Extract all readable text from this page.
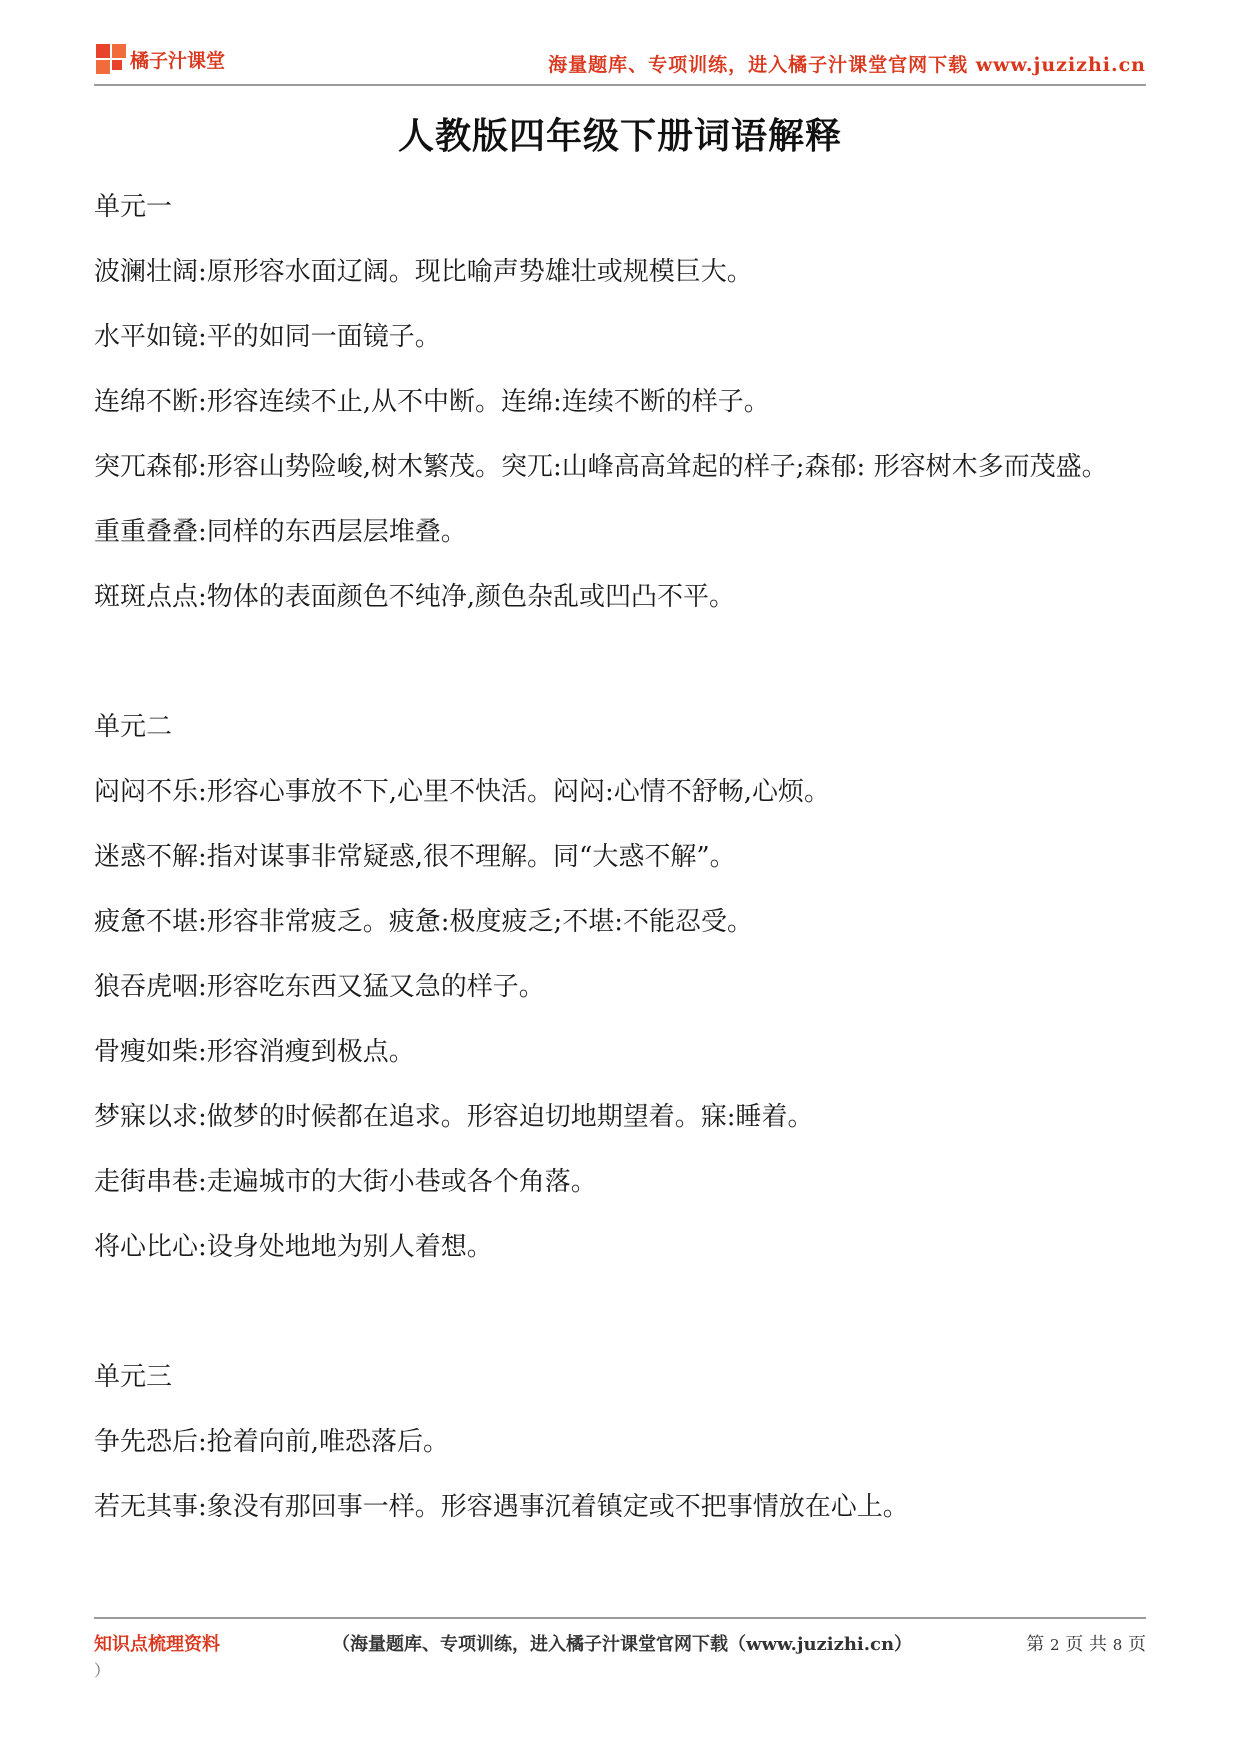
橘子汁课堂	海量题库、专项训练，进入橘子汁课堂官网下载 www.juzizhi.cn
人教版四年级下册词语解释

单元一

波澜壮阔:原形容水面辽阔。现比喻声势雄壮或规模巨大。

水平如镜:平的如同一面镜子。

连绵不断:形容连续不止,从不中断。连绵:连续不断的样子。

突兀森郁:形容山势险峻,树木繁茂。突兀:山峰高高耸起的样子;森郁: 形容树木多而茂盛。

重重叠叠:同样的东西层层堆叠。

斑斑点点:物体的表面颜色不纯净,颜色杂乱或凹凸不平。

单元二

闷闷不乐:形容心事放不下,心里不快活。闷闷:心情不舒畅,心烦。

迷惑不解:指对谋事非常疑惑,很不理解。同“大惑不解”。

疲惫不堪:形容非常疲乏。疲惫:极度疲乏;不堪:不能忍受。

狼吞虎咽:形容吃东西又猛又急的样子。

骨瘦如柴:形容消瘦到极点。

梦寐以求:做梦的时候都在追求。形容迫切地期望着。寐:睡着。

走街串巷:走遍城市的大街小巷或各个角落。

将心比心:设身处地地为别人着想。

单元三

争先恐后:抢着向前,唯恐落后。

若无其事:象没有那回事一样。形容遇事沉着镇定或不把事情放在心上。

知识点梳理资料	（海量题库、专项训练，进入橘子汁课堂官网下载（www.juzizhi.cn）
）
第 2 页 共 8 页
